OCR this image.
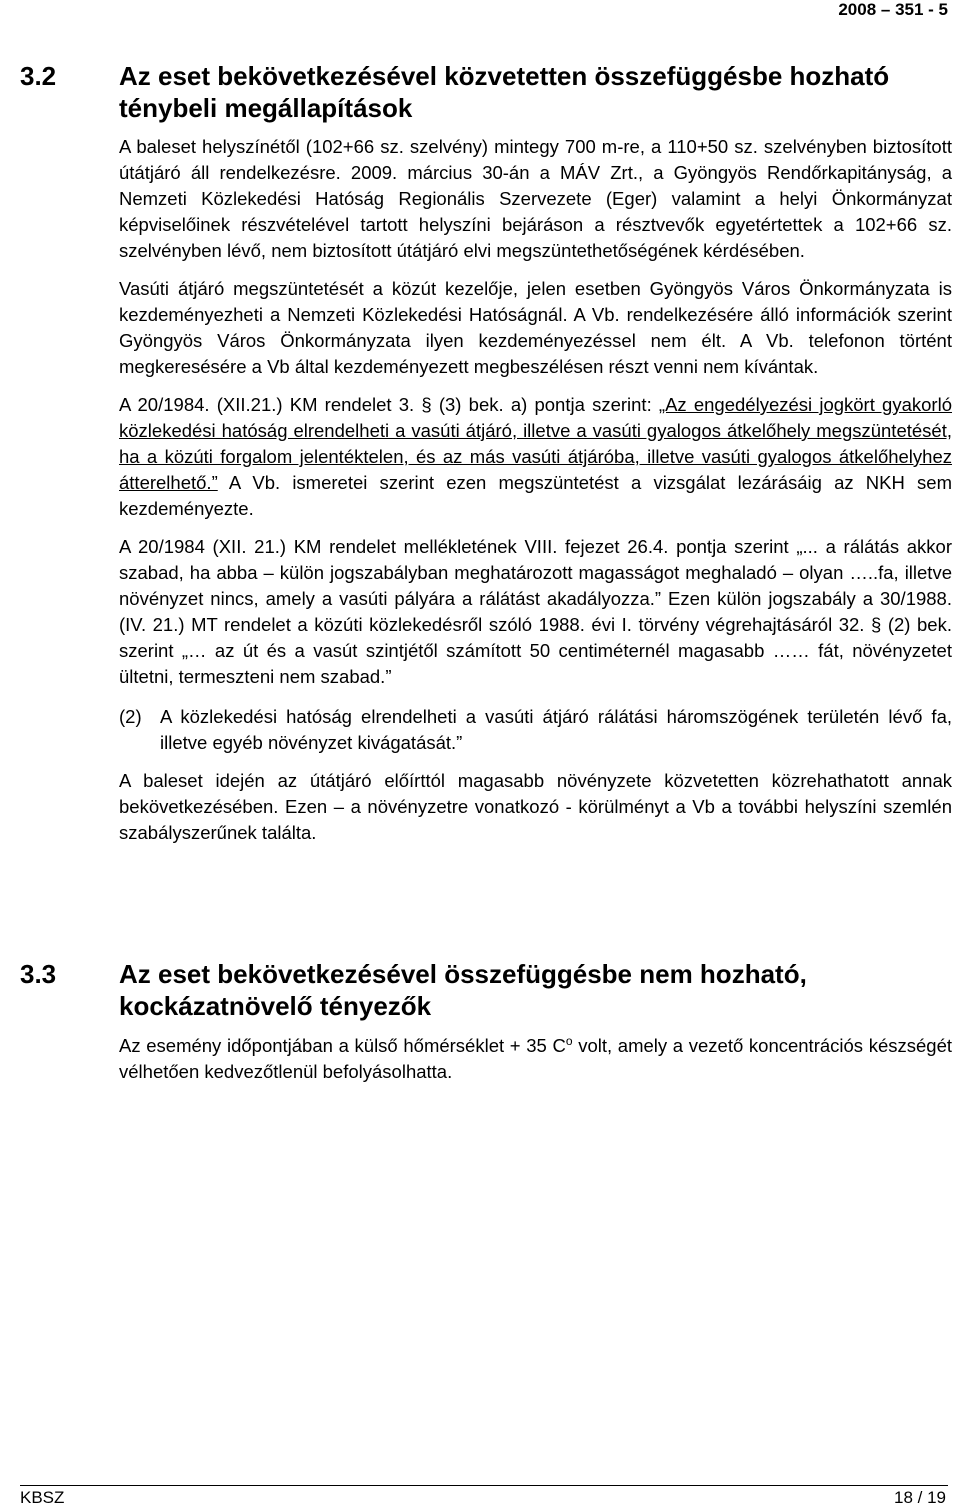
2008 – 351 - 5
3.2	Az eset bekövetkezésével közvetetten összefüggésbe hozható ténybeli megállapítások

A baleset helyszínétől (102+66 sz. szelvény) mintegy 700 m-re, a 110+50 sz. szelvényben biztosított útátjáró áll rendelkezésre. 2009. március 30-án a MÁV Zrt., a Gyöngyös Rendőrkapitányság, a Nemzeti Közlekedési Hatóság Regionális Szervezete (Eger) valamint a helyi Önkormányzat képviselőinek részvételével tartott helyszíni bejáráson a résztvevők egyetértettek a 102+66 sz. szelvényben lévő, nem biztosított útátjáró elvi megszüntethetőségének kérdésében.

Vasúti átjáró megszüntetését a közút kezelője, jelen esetben Gyöngyös Város Önkormányzata is kezdeményezheti a Nemzeti Közlekedési Hatóságnál. A Vb. rendelkezésére álló információk szerint Gyöngyös Város Önkormányzata ilyen kezdeményezéssel nem élt. A Vb. telefonon történt megkeresésére a Vb által kezdeményezett megbeszélésen részt venni nem kívántak.

A 20/1984. (XII.21.) KM rendelet 3. § (3) bek. a) pontja szerint: „Az engedélyezési jogkört gyakorló közlekedési hatóság elrendelheti a vasúti átjáró, illetve a vasúti gyalogos átkelőhely megszüntetését, ha a közúti forgalom jelentéktelen, és az más vasúti átjáróba, illetve vasúti gyalogos átkelőhelyhez átterelhető.” A Vb. ismeretei szerint ezen megszüntetést a vizsgálat lezárásáig az NKH sem kezdeményezte.

A 20/1984 (XII. 21.) KM rendelet mellékletének VIII. fejezet 26.4. pontja szerint „... a rálátás akkor szabad, ha abba – külön jogszabályban meghatározott magasságot meghaladó – olyan …..fa, illetve növényzet nincs, amely a vasúti pályára a rálátást akadályozza.” Ezen külön jogszabály a 30/1988. (IV. 21.) MT rendelet a közúti közlekedésről szóló 1988. évi I. törvény végrehajtásáról 32. § (2) bek. szerint „… az út és a vasút szintjétől számított 50 centiméternél magasabb …… fát, növényzetet ültetni, termeszteni nem szabad.”

(2) A közlekedési hatóság elrendelheti a vasúti átjáró rálátási háromszögének területén lévő fa, illetve egyéb növényzet kivágatását.”

A baleset idején az útátjáró előírttól magasabb növényzete közvetetten közrehathatott annak bekövetkezésében. Ezen – a növényzetre vonatkozó - körülményt a Vb a további helyszíni szemlén szabályszerűnek találta.

3.3	Az eset bekövetkezésével összefüggésbe nem hozható, kockázatnövelő tényezők

Az esemény időpontjában a külső hőmérséklet + 35 $C^o$ volt, amely a vezető koncentrációs készségét vélhetően kedvezőtlenül befolyásolhatta.

KBSZ	18 / 19
